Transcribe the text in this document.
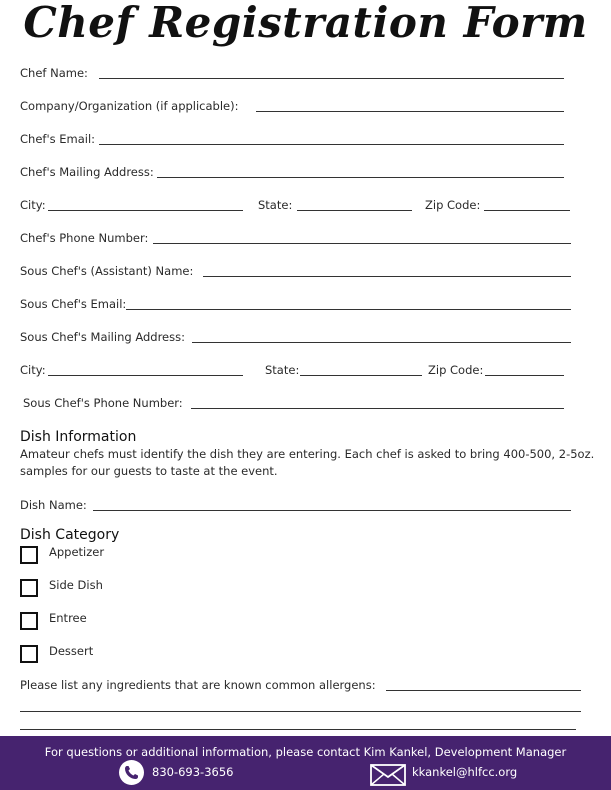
Chef Registration Form
Chef Name:
Company/Organization (if applicable):
Chef's Email:
Chef's Mailing Address:
City:	State:	Zip Code:
Chef's Phone Number:
Sous Chef's (Assistant) Name:
Sous Chef's Email:
Sous Chef's Mailing Address:
City:	State:	Zip Code:
Sous Chef's Phone Number:
Dish Information
Amateur chefs must identify the dish they are entering. Each chef is asked to bring 400-500, 2-5oz. samples for our guests to taste at the event.
Dish Name:
Dish Category
Appetizer
Side Dish
Entree
Dessert
Please list any ingredients that are known common allergens:
For questions or additional information, please contact Kim Kankel, Development Manager
830-693-3656	kkankel@hlfcc.org
